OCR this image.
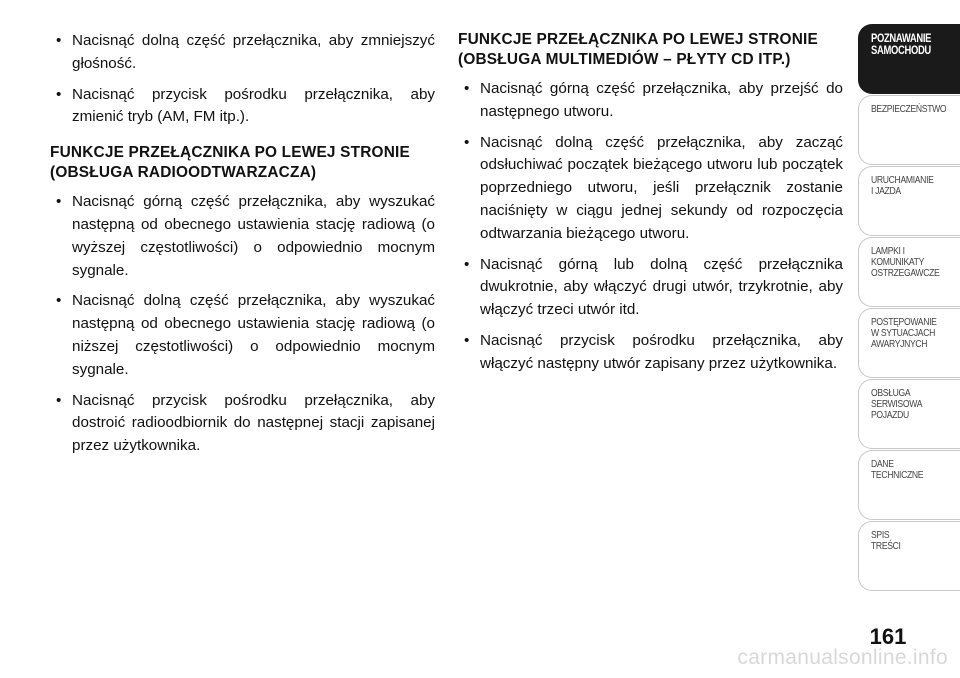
• Nacisnąć dolną część przełącznika, aby zmniejszyć głośność.

• Nacisnąć przycisk pośrodku przełącznika, aby zmienić tryb (AM, FM itp.).

FUNKCJE PRZEŁĄCZNIKA PO LEWEJ STRONIE (OBSŁUGA RADIOODTWARZACZA)

• Nacisnąć górną część przełącznika, aby wyszukać następną od obecnego ustawienia stację radiową (o wyższej częstotliwości) o odpowiednio mocnym sygnale.

• Nacisnąć dolną część przełącznika, aby wyszukać następną od obecnego ustawienia stację radiową (o niższej częstotliwości) o odpowiednio mocnym sygnale.

• Nacisnąć przycisk pośrodku przełącznika, aby dostroić radioodbiornik do następnej stacji zapisanej przez użytkownika.

FUNKCJE PRZEŁĄCZNIKA PO LEWEJ STRONIE (OBSŁUGA MULTIMEDIÓW – PŁYTY CD ITP.)

• Nacisnąć górną część przełącznika, aby przejść do następnego utworu.

• Nacisnąć dolną część przełącznika, aby zacząć odsłuchiwać początek bieżącego utworu lub początek poprzedniego utworu, jeśli przełącznik zostanie naciśnięty w ciągu jednej sekundy od rozpoczęcia odtwarzania bieżącego utworu.

• Nacisnąć górną lub dolną część przełącznika dwukrotnie, aby włączyć drugi utwór, trzykrotnie, aby włączyć trzeci utwór itd.

• Nacisnąć przycisk pośrodku przełącznika, aby włączyć następny utwór zapisany przez użytkownika.

POZNAWANIE
SAMOCHODU
BEZPIECZEŃSTWO
URUCHAMIANIE
I JAZDA
LAMPKI I
KOMUNIKATY
OSTRZEGAWCZE
POSTĘPOWANIE
W SYTUACJACH
AWARYJNYCH
OBSŁUGA
SERWISOWA
POJAZDU
DANE
TECHNICZNE
SPIS
TREŚCI
161
carmanualsonline.info
